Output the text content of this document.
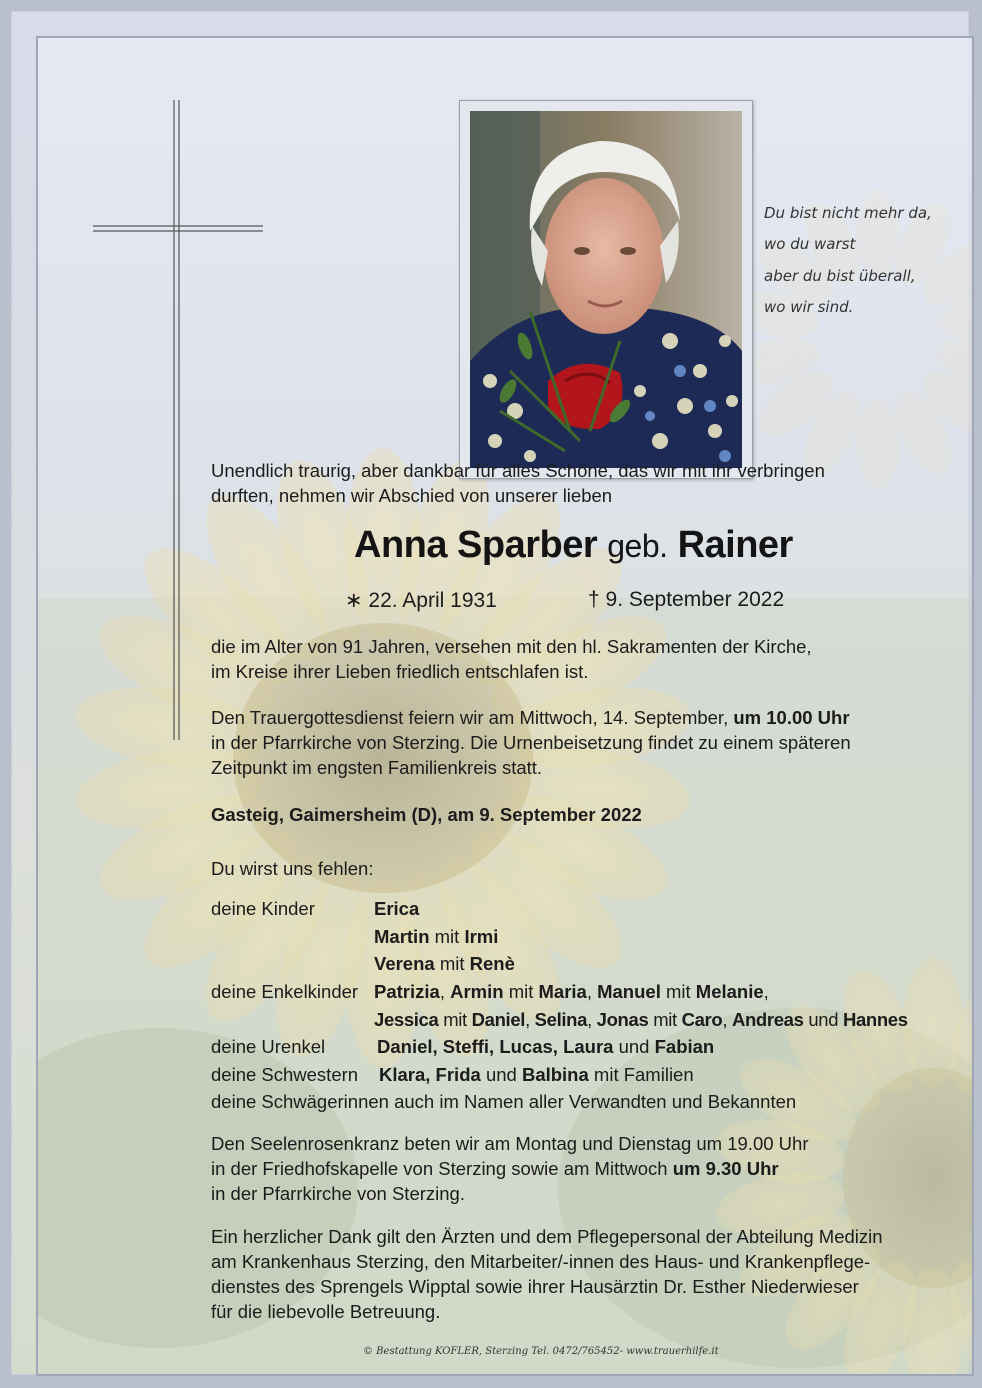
Du bist nicht mehr da,
wo du warst
aber du bist überall,
wo wir sind.
Unendlich traurig, aber dankbar für alles Schöne, das wir mit ihr verbringen
durften, nehmen wir Abschied von unserer lieben
Anna Sparber geb. Rainer
∗ 22. April 1931	† 9. September 2022
die im Alter von 91 Jahren, versehen mit den hl. Sakramenten der Kirche,
im Kreise ihrer Lieben friedlich entschlafen ist.
Den Trauergottesdienst feiern wir am Mittwoch, 14. September, um 10.00 Uhr
in der Pfarrkirche von Sterzing. Die Urnenbeisetzung findet zu einem späteren
Zeitpunkt im engsten Familienkreis statt.
Gasteig, Gaimersheim (D), am 9. September 2022
Du wirst uns fehlen:
deine Kinder	Erica
Martin mit Irmi
Verena mit Renè
deine Enkelkinder Patrizia, Armin mit Maria, Manuel mit Melanie,
Jessica mit Daniel, Selina, Jonas mit Caro, Andreas und Hannes
deine Urenkel	Daniel, Steffi, Lucas, Laura und Fabian
deine Schwestern Klara, Frida und Balbina mit Familien
deine Schwägerinnen auch im Namen aller Verwandten und Bekannten
Den Seelenrosenkranz beten wir am Montag und Dienstag um 19.00 Uhr
in der Friedhofskapelle von Sterzing sowie am Mittwoch um 9.30 Uhr
in der Pfarrkirche von Sterzing.
Ein herzlicher Dank gilt den Ärzten und dem Pflegepersonal der Abteilung Medizin
am Krankenhaus Sterzing, den Mitarbeiter/-innen des Haus- und Krankenpflege-
dienstes des Sprengels Wipptal sowie ihrer Hausärztin Dr. Esther Niederwieser
für die liebevolle Betreuung.
© Bestattung KOFLER, Sterzing Tel. 0472/765452- www.trauerhilfe.it
